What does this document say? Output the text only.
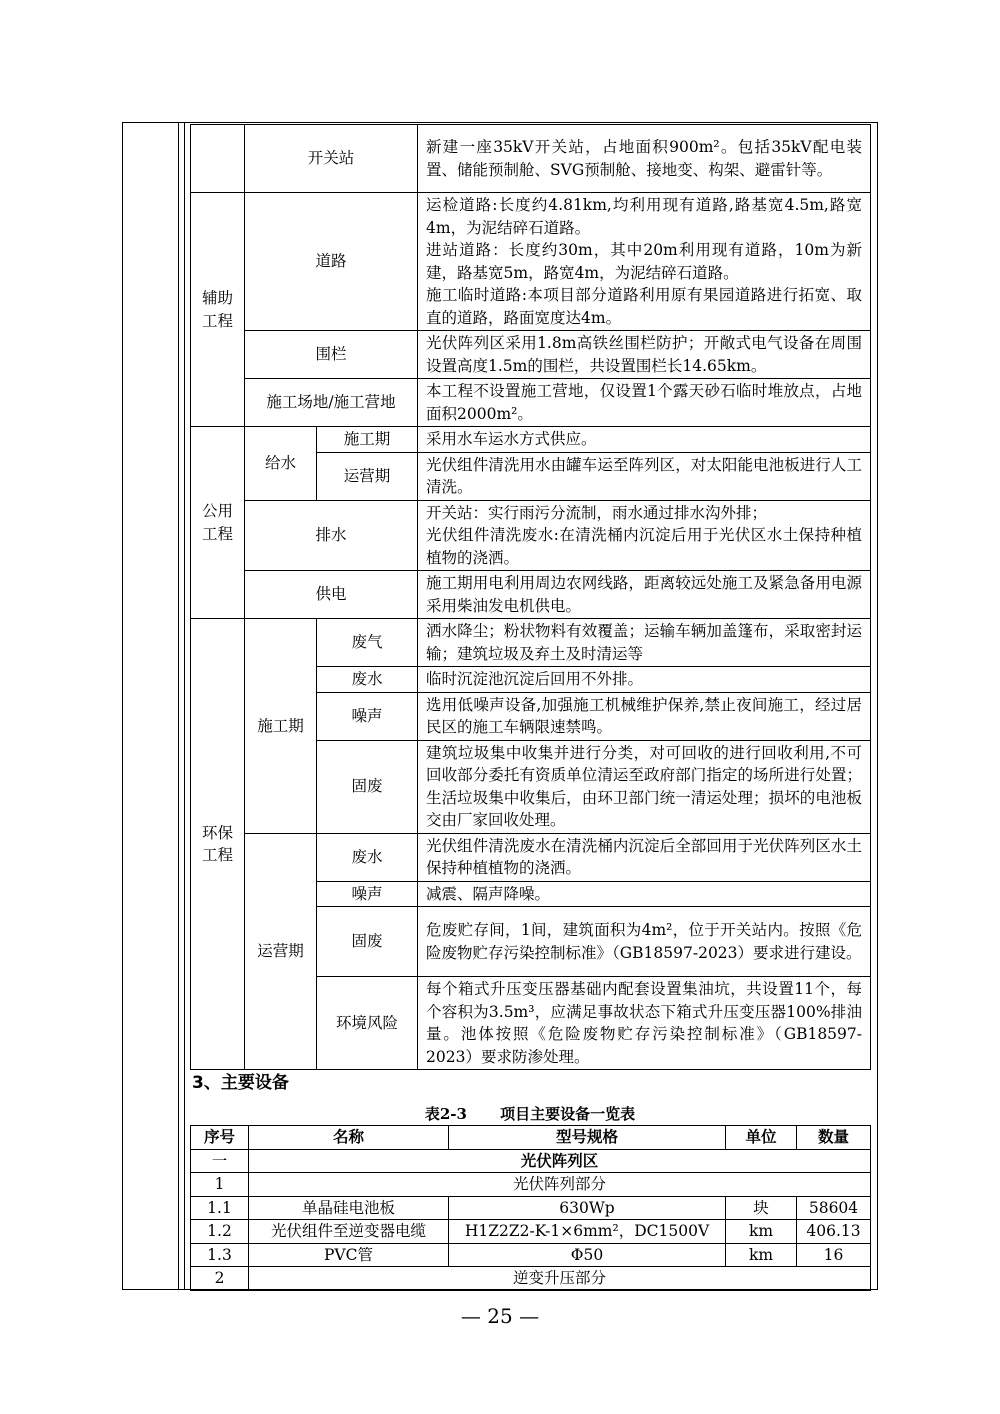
	开关站		新建一座35kV开关站，占地面积900m²。包括35kV配电装置、储能预制舱、SVG预制舱、接地变、构架、避雷针等。
辅助工程	道路		运检道路:长度约4.81km,均利用现有道路,路基宽4.5m,路宽4m，为泥结碎石道路。
进站道路：长度约30m，其中20m利用现有道路，10m为新建，路基宽5m，路宽4m，为泥结碎石道路。
施工临时道路:本项目部分道路利用原有果园道路进行拓宽、取直的道路，路面宽度达4m。

	围栏		光伏阵列区采用1.8m高铁丝围栏防护；开敞式电气设备在周围设置高度1.5m的围栏，共设置围栏长14.65km。
	施工场地/施工营地		本工程不设置施工营地，仅设置1个露天砂石临时堆放点，占地面积2000m²。
公用工程	给水	施工期	采用水车运水方式供应。
		运营期	光伏组件清洗用水由罐车运至阵列区，对太阳能电池板进行人工清洗。
	排水		开关站：实行雨污分流制，雨水通过排水沟外排；
光伏组件清洗废水:在清洗桶内沉淀后用于光伏区水土保持种植植物的浇洒。

	供电		施工期用电利用周边农网线路，距离较远处施工及紧急备用电源采用柴油发电机供电。
环保工程	施工期	废气	洒水降尘；粉状物料有效覆盖；运输车辆加盖篷布，采取密封运输；建筑垃圾及弃土及时清运等
		废水	临时沉淀池沉淀后回用不外排。
		噪声	选用低噪声设备,加强施工机械维护保养,禁止夜间施工，经过居民区的施工车辆限速禁鸣。
		固废	建筑垃圾集中收集并进行分类，对可回收的进行回收利用,不可回收部分委托有资质单位清运至政府部门指定的场所进行处置；生活垃圾集中收集后，由环卫部门统一清运处理；损坏的电池板交由厂家回收处理。
	运营期	废水	光伏组件清洗废水在清洗桶内沉淀后全部回用于光伏阵列区水土保持种植植物的浇洒。
		噪声	减震、隔声降噪。
		固废	危废贮存间，1间，建筑面积为4m²，位于开关站内。按照《危险废物贮存污染控制标准》（GB18597-2023）要求进行建设。
		环境风险	每个箱式升压变压器基础内配套设置集油坑，共设置11个，每个容积为3.5m³，应满足事故状态下箱式升压变压器100%排油量。池体按照《危险废物贮存污染控制标准》（GB18597-2023）要求防渗处理。
3、主要设备
表2-3 项目主要设备一览表
序号	名称	型号规格	单位	数量
一	光伏阵列区			
1	光伏阵列部分			
1.1	单晶硅电池板	630Wp	块	58604
1.2	光伏组件至逆变器电缆	H1Z2Z2-K-1×6mm²，DC1500V	km	406.13
1.3	PVC管	Φ50	km	16
2	逆变升压部分			
— 25 —
